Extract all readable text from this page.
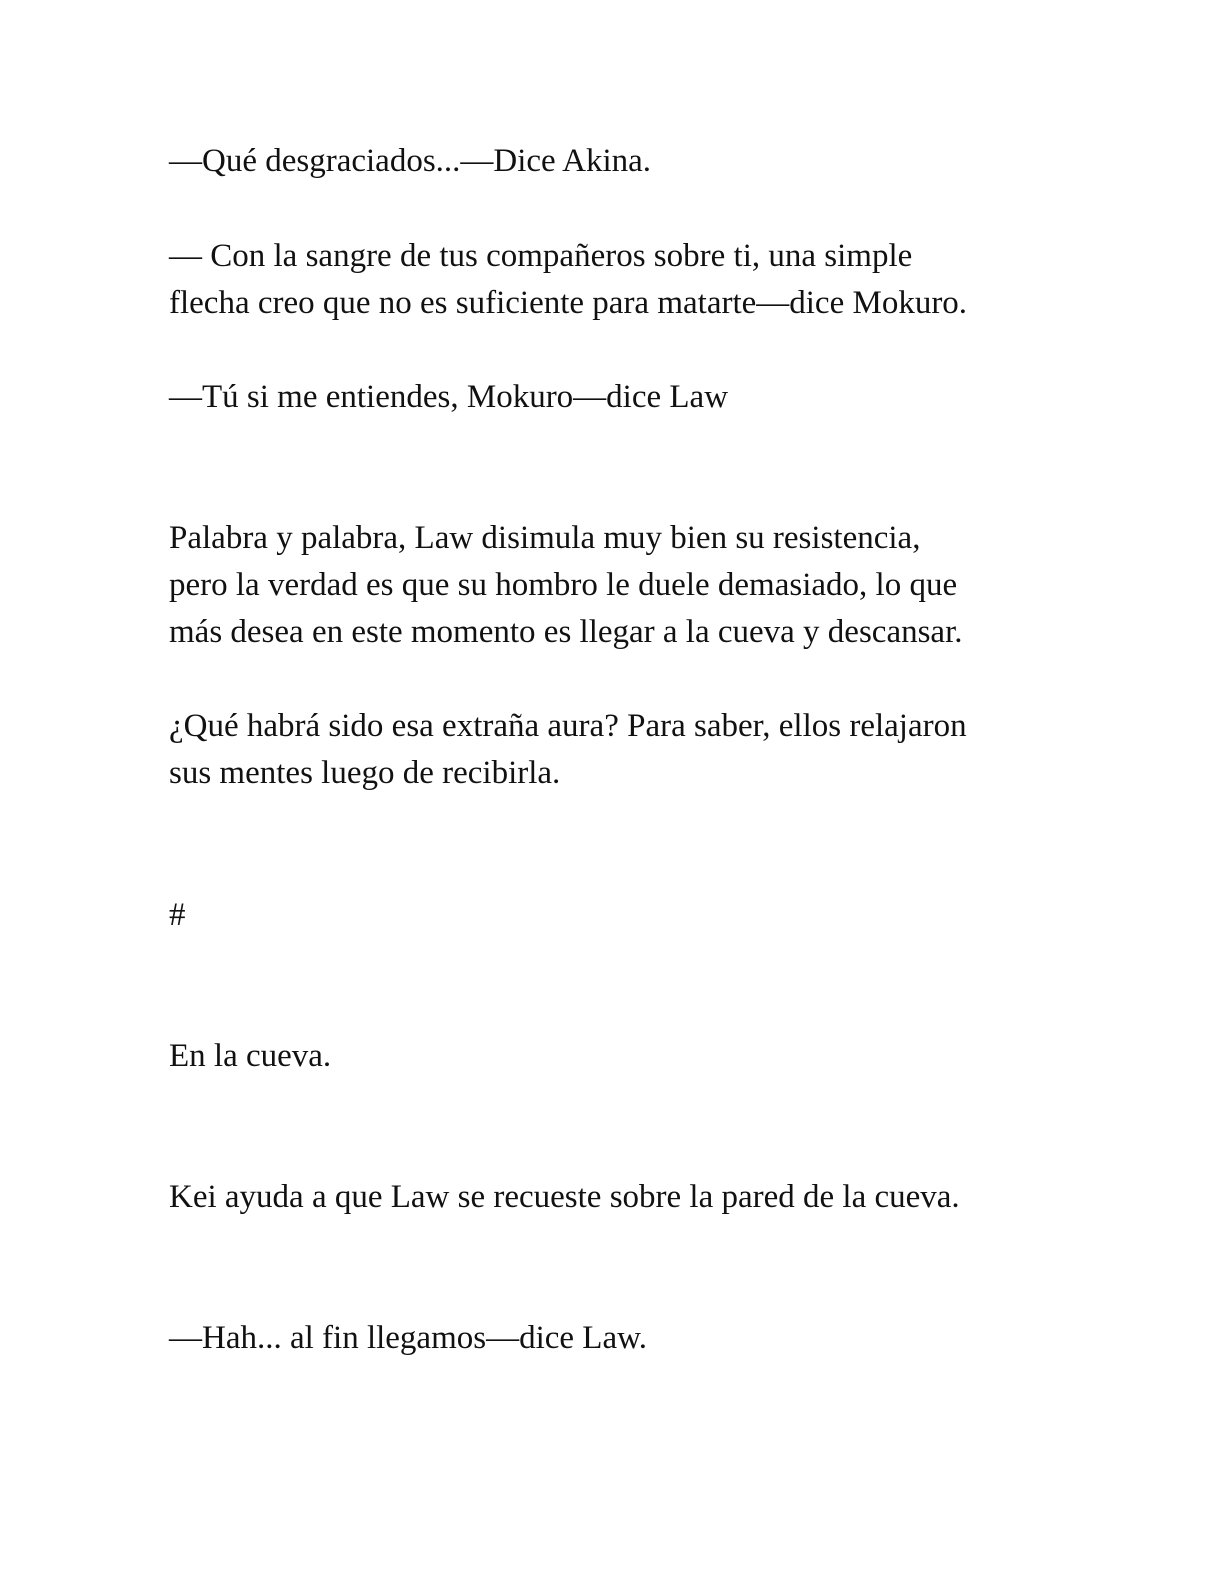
—Qué desgraciados...—Dice Akina.

— Con la sangre de tus compañeros sobre ti, una simple
flecha creo que no es suficiente para matarte—dice Mokuro.

—Tú si me entiendes, Mokuro—dice Law

Palabra y palabra, Law disimula muy bien su resistencia,
pero la verdad es que su hombro le duele demasiado, lo que
más desea en este momento es llegar a la cueva y descansar.

¿Qué habrá sido esa extraña aura? Para saber, ellos relajaron
sus mentes luego de recibirla.

#

En la cueva.

Kei ayuda a que Law se recueste sobre la pared de la cueva.

—Hah... al fin llegamos—dice Law.
